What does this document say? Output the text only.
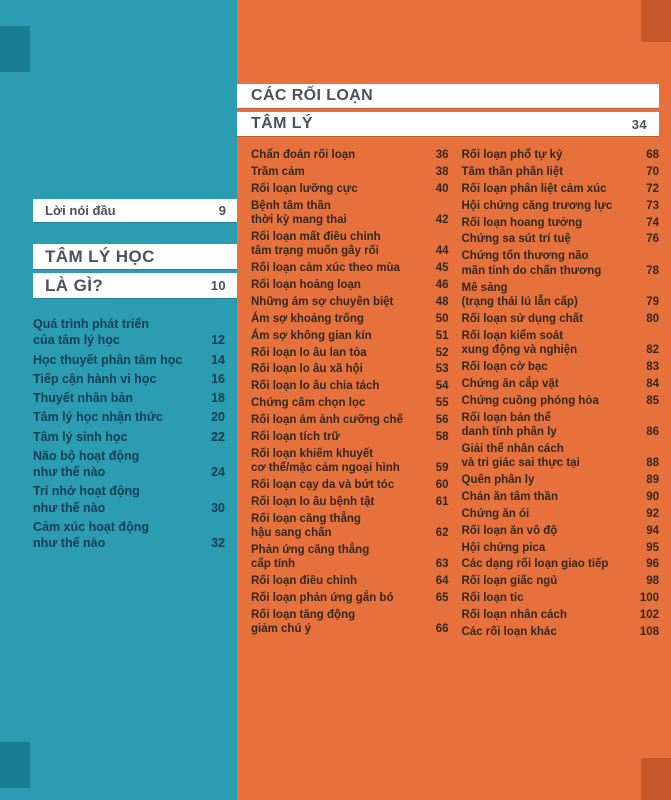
Lời nói đầu	9
TÂM LÝ HỌC
LÀ GÌ?	10
Quá trình phát triển
của tâm lý học	12
Học thuyết phân tâm học 14
Tiếp cận hành vi học	16
Thuyết nhân bản	18
Tâm lý học nhận thức	20
Tâm lý sinh học	22
Não bộ hoạt động
như thế nào	24
Trí nhớ hoạt động
như thế nào	30
Cảm xúc hoạt động
như thế nào	32
CÁC RỐI LOẠN
TÂM LÝ	34
Chẩn đoán rối loạn	36
Trầm cảm	38
Rối loạn lưỡng cực	40
Bệnh tâm thần
thời kỳ mang thai	42
Rối loạn mất điều chỉnh
tâm trạng muốn gây rối	44
Rối loạn cảm xúc theo mùa	45
Rối loạn hoảng loạn	46
Những ám sợ chuyên biệt	48
Ám sợ khoảng trống	50
Ám sợ không gian kín	51
Rối loạn lo âu lan tỏa	52
Rối loạn lo âu xã hội	53
Rối loạn lo âu chia tách	54
Chứng câm chọn lọc	55
Rối loạn ám ảnh cưỡng chế	56
Rối loạn tích trữ	58
Rối loạn khiếm khuyết
cơ thể/mặc cảm ngoại hình	59
Rối loạn cạy da và bứt tóc	60
Rối loạn lo âu bệnh tật	61
Rối loạn căng thẳng
hậu sang chấn	62
Phản ứng căng thẳng
cấp tính	63
Rối loạn điều chỉnh	64
Rối loạn phản ứng gắn bó	65
Rối loạn tăng động
giảm chú ý	66
Rối loạn phổ tự kỷ	68
Tâm thần phân liệt	70
Rối loạn phân liệt cảm xúc	72
Hội chứng căng trương lực	73
Rối loạn hoang tưởng	74
Chứng sa sút trí tuệ	76
Chứng tổn thương não
mãn tính do chấn thương	78
Mê sảng
(trạng thái lú lẫn cấp)	79
Rối loạn sử dụng chất	80
Rối loạn kiểm soát
xung động và nghiện	82
Rối loạn cờ bạc	83
Chứng ăn cắp vặt	84
Chứng cuồng phóng hỏa	85
Rối loạn bản thể
danh tính phân ly	86
Giải thể nhân cách
và tri giác sai thực tại	88
Quên phân ly	89
Chán ăn tâm thần	90
Chứng ăn ói	92
Rối loạn ăn vô độ	94
Hội chứng pica	95
Các dạng rối loạn giao tiếp	96
Rối loạn giấc ngủ	98
Rối loạn tic	100
Rối loạn nhân cách	102
Các rối loạn khác	108
